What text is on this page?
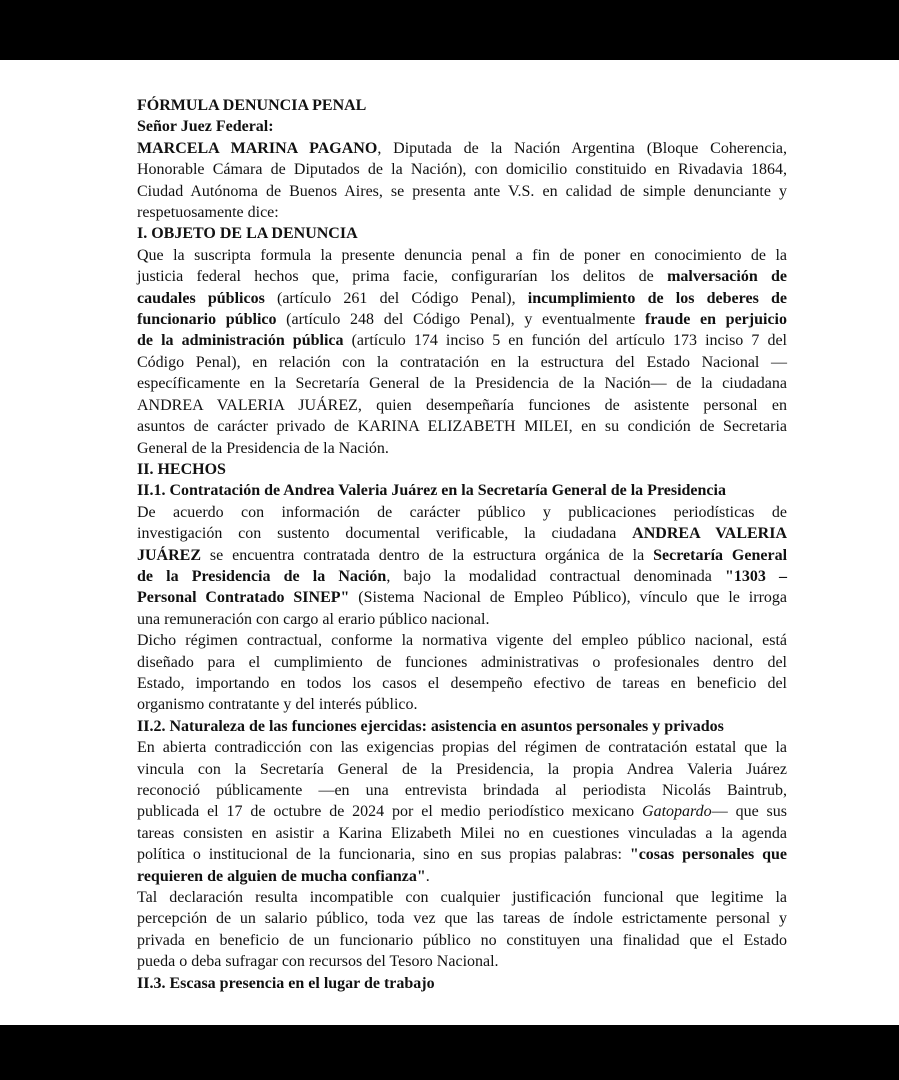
FÓRMULA DENUNCIA PENAL
Señor Juez Federal:
MARCELA MARINA PAGANO, Diputada de la Nación Argentina (Bloque Coherencia,
Honorable Cámara de Diputados de la Nación), con domicilio constituido en Rivadavia 1864,
Ciudad Autónoma de Buenos Aires, se presenta ante V.S. en calidad de simple denunciante y
respetuosamente dice:
I. OBJETO DE LA DENUNCIA
Que la suscripta formula la presente denuncia penal a fin de poner en conocimiento de la
justicia federal hechos que, prima facie, configurarían los delitos de malversación de
caudales públicos (artículo 261 del Código Penal), incumplimiento de los deberes de
funcionario público (artículo 248 del Código Penal), y eventualmente fraude en perjuicio
de la administración pública (artículo 174 inciso 5 en función del artículo 173 inciso 7 del
Código Penal), en relación con la contratación en la estructura del Estado Nacional —
específicamente en la Secretaría General de la Presidencia de la Nación— de la ciudadana
ANDREA VALERIA JUÁREZ, quien desempeñaría funciones de asistente personal en
asuntos de carácter privado de KARINA ELIZABETH MILEI, en su condición de Secretaria
General de la Presidencia de la Nación.
II. HECHOS
II.1. Contratación de Andrea Valeria Juárez en la Secretaría General de la Presidencia
De acuerdo con información de carácter público y publicaciones periodísticas de
investigación con sustento documental verificable, la ciudadana ANDREA VALERIA
JUÁREZ se encuentra contratada dentro de la estructura orgánica de la Secretaría General
de la Presidencia de la Nación, bajo la modalidad contractual denominada "1303 –
Personal Contratado SINEP" (Sistema Nacional de Empleo Público), vínculo que le irroga
una remuneración con cargo al erario público nacional.
Dicho régimen contractual, conforme la normativa vigente del empleo público nacional, está
diseñado para el cumplimiento de funciones administrativas o profesionales dentro del
Estado, importando en todos los casos el desempeño efectivo de tareas en beneficio del
organismo contratante y del interés público.
II.2. Naturaleza de las funciones ejercidas: asistencia en asuntos personales y privados
En abierta contradicción con las exigencias propias del régimen de contratación estatal que la
vincula con la Secretaría General de la Presidencia, la propia Andrea Valeria Juárez
reconoció públicamente —en una entrevista brindada al periodista Nicolás Baintrub,
publicada el 17 de octubre de 2024 por el medio periodístico mexicano Gatopardo— que sus
tareas consisten en asistir a Karina Elizabeth Milei no en cuestiones vinculadas a la agenda
política o institucional de la funcionaria, sino en sus propias palabras: "cosas personales que
requieren de alguien de mucha confianza".
Tal declaración resulta incompatible con cualquier justificación funcional que legitime la
percepción de un salario público, toda vez que las tareas de índole estrictamente personal y
privada en beneficio de un funcionario público no constituyen una finalidad que el Estado
pueda o deba sufragar con recursos del Tesoro Nacional.
II.3. Escasa presencia en el lugar de trabajo
